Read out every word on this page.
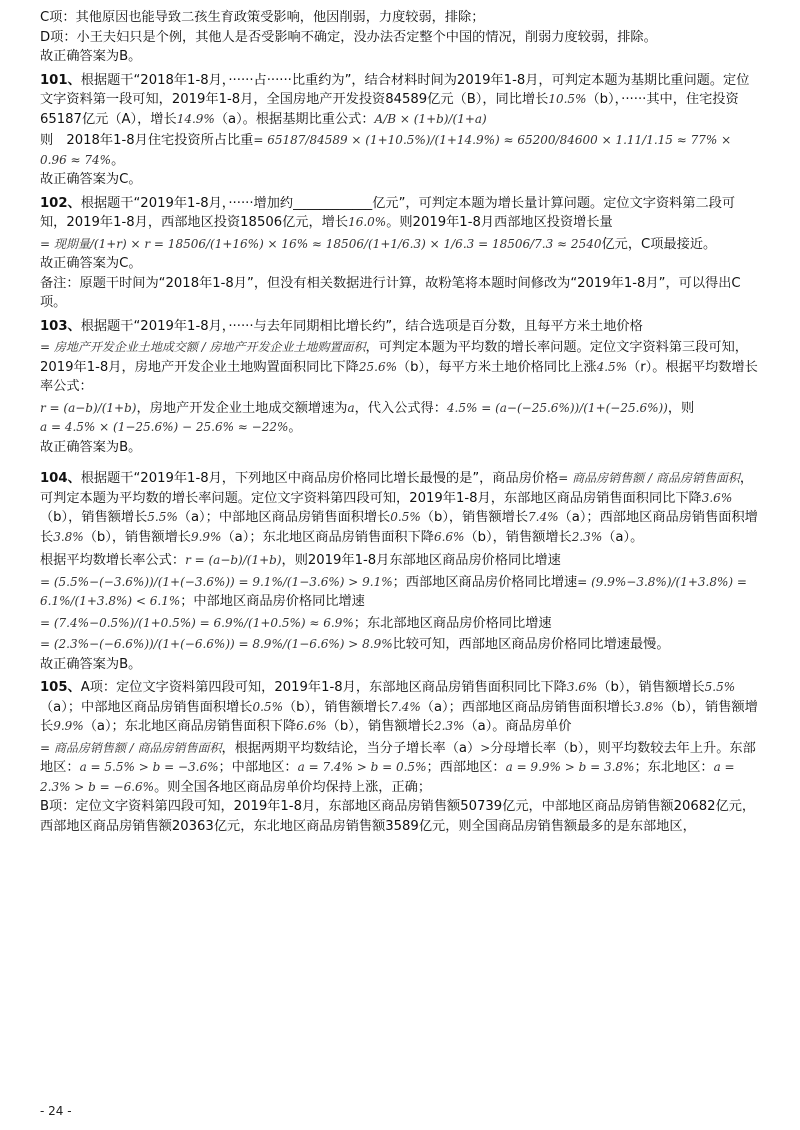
C项：其他原因也能导致二孩生育政策受影响，他因削弱，力度较弱，排除；

D项：小王夫妇只是个例，其他人是否受影响不确定，没办法否定整个中国的情况，削弱力度较弱，排除。

故正确答案为B。

101、根据题干“2018年1-8月，······占······比重约为”，结合材料时间为2019年1-8月，可判定本题为基期比重问题。定位文字资料第一段可知，2019年1-8月，全国房地产开发投资84589亿元（B），同比增长10.5%（b），······其中，住宅投资65187亿元（A），增长14.9%（a）。根据基期比重公式：A/B × (1+b)/(1+a)

则　2018年1-8月住宅投资所占比重= 65187/84589 × (1+10.5%)/(1+14.9%) ≈ 65200/84600 × 1.11/1.15 ≈ 77% × 0.96 ≈ 74%。

故正确答案为C。

102、根据题干“2019年1-8月，······增加约____________亿元”，可判定本题为增长量计算问题。定位文字资料第二段可知，2019年1-8月，西部地区投资18506亿元，增长16.0%。则2019年1-8月西部地区投资增长量

= 现期量/(1+r) × r = 18506/(1+16%) × 16% ≈ 18506/(1+1/6.3) × 1/6.3 = 18506/7.3 ≈ 2540亿元，C项最接近。

故正确答案为C。

备注：原题干时间为“2018年1-8月”，但没有相关数据进行计算，故粉笔将本题时间修改为“2019年1-8月”，可以得出C项。

103、根据题干“2019年1-8月，······与去年同期相比增长约”，结合选项是百分数，且每平方米土地价格

= 房地产开发企业土地成交额 / 房地产开发企业土地购置面积，可判定本题为平均数的增长率问题。定位文字资料第三段可知，2019年1-8月，房地产开发企业土地购置面积同比下降25.6%（b），每平方米土地价格同比上涨4.5%（r）。根据平均数增长率公式：

r = (a−b)/(1+b)，房地产开发企业土地成交额增速为a，代入公式得：4.5% = (a−(−25.6%))/(1+(−25.6%))，则

a = 4.5% × (1−25.6%) − 25.6% ≈ −22%。

故正确答案为B。

104、根据题干“2019年1-8月，下列地区中商品房价格同比增长最慢的是”，商品房价格= 商品房销售额 / 商品房销售面积，可判定本题为平均数的增长率问题。定位文字资料第四段可知，2019年1-8月，东部地区商品房销售面积同比下降3.6%（b），销售额增长5.5%（a）；中部地区商品房销售面积增长0.5%（b），销售额增长7.4%（a）；西部地区商品房销售面积增长3.8%（b），销售额增长9.9%（a）；东北地区商品房销售面积下降6.6%（b），销售额增长2.3%（a）。

根据平均数增长率公式：r = (a−b)/(1+b)，则2019年1-8月东部地区商品房价格同比增速

= (5.5%−(−3.6%))/(1+(−3.6%)) = 9.1%/(1−3.6%) > 9.1%；西部地区商品房价格同比增速= (9.9%−3.8%)/(1+3.8%) = 6.1%/(1+3.8%) < 6.1%；中部地区商品房价格同比增速

= (7.4%−0.5%)/(1+0.5%) = 6.9%/(1+0.5%) ≈ 6.9%；东北部地区商品房价格同比增速

= (2.3%−(−6.6%))/(1+(−6.6%)) = 8.9%/(1−6.6%) > 8.9%比较可知，西部地区商品房价格同比增速最慢。

故正确答案为B。

105、A项：定位文字资料第四段可知，2019年1-8月，东部地区商品房销售面积同比下降3.6%（b），销售额增长5.5%（a）；中部地区商品房销售面积增长0.5%（b），销售额增长7.4%（a）；西部地区商品房销售面积增长3.8%（b），销售额增长9.9%（a）；东北地区商品房销售面积下降6.6%（b），销售额增长2.3%（a）。商品房单价

= 商品房销售额 / 商品房销售面积，根据两期平均数结论，当分子增长率（a）>分母增长率（b），则平均数较去年上升。东部地区：a = 5.5% > b = −3.6%；中部地区：a = 7.4% > b = 0.5%；西部地区：a = 9.9% > b = 3.8%；东北地区：a = 2.3% > b = −6.6%。则全国各地区商品房单价均保持上涨，正确；

B项：定位文字资料第四段可知，2019年1-8月，东部地区商品房销售额50739亿元，中部地区商品房销售额20682亿元，西部地区商品房销售额20363亿元，东北地区商品房销售额3589亿元，则全国商品房销售额最多的是东部地区，

- 24 -
